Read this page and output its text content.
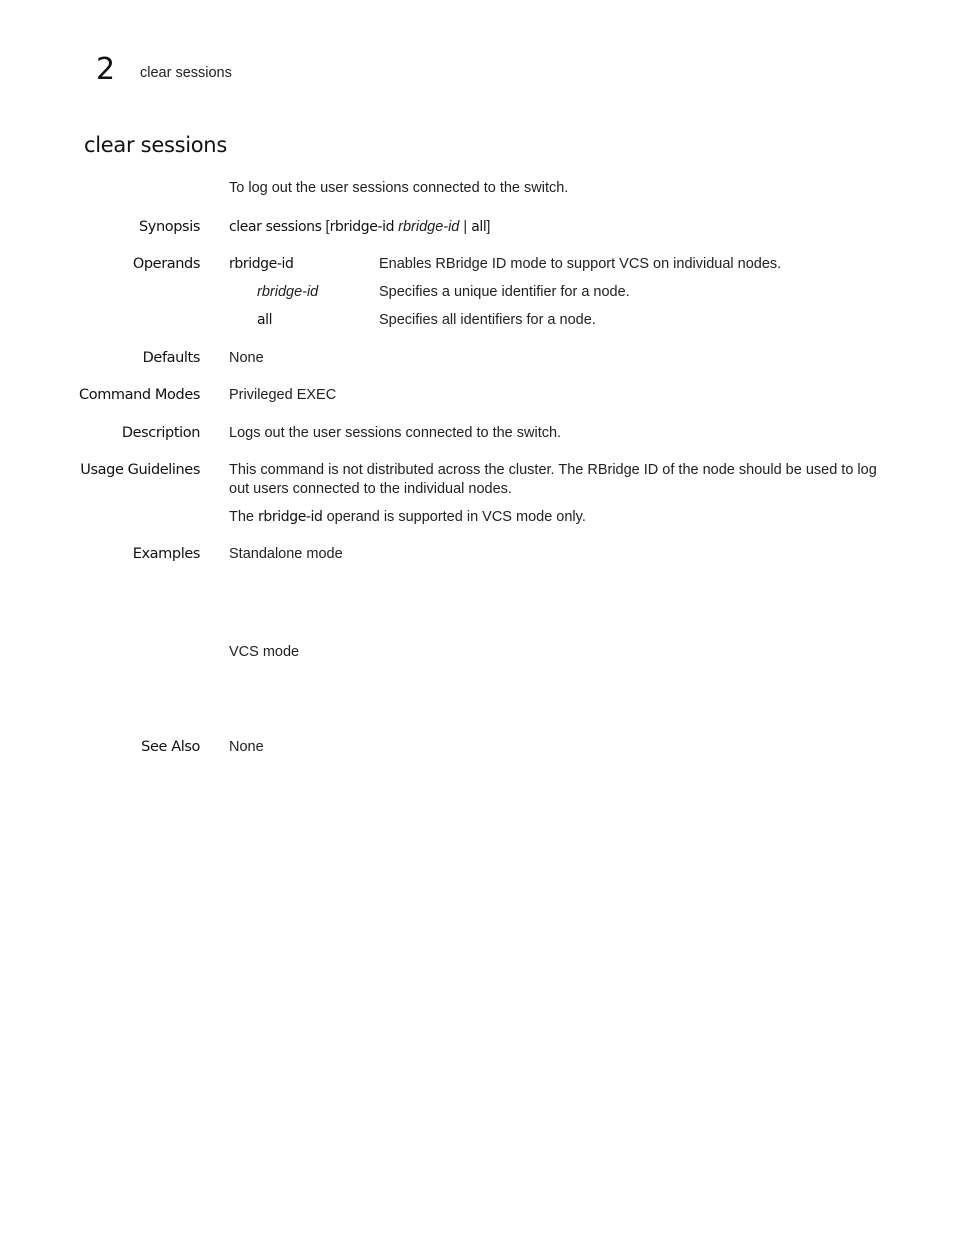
2 clear sessions
clear sessions
To log out the user sessions connected to the switch.
Synopsis clear sessions [rbridge-id rbridge-id | all]
Operands rbridge-id	Enables RBridge ID mode to support VCS on individual nodes.
rbridge-id	Specifies a unique identifier for a node.
all	Specifies all identifiers for a node.
Defaults None
Command Modes Privileged EXEC
Description Logs out the user sessions connected to the switch.
Usage Guidelines This command is not distributed across the cluster. The RBridge ID of the node should be used to log out users connected to the individual nodes.
The rbridge-id operand is supported in VCS mode only.
Examples Standalone mode
VCS mode
See Also None
